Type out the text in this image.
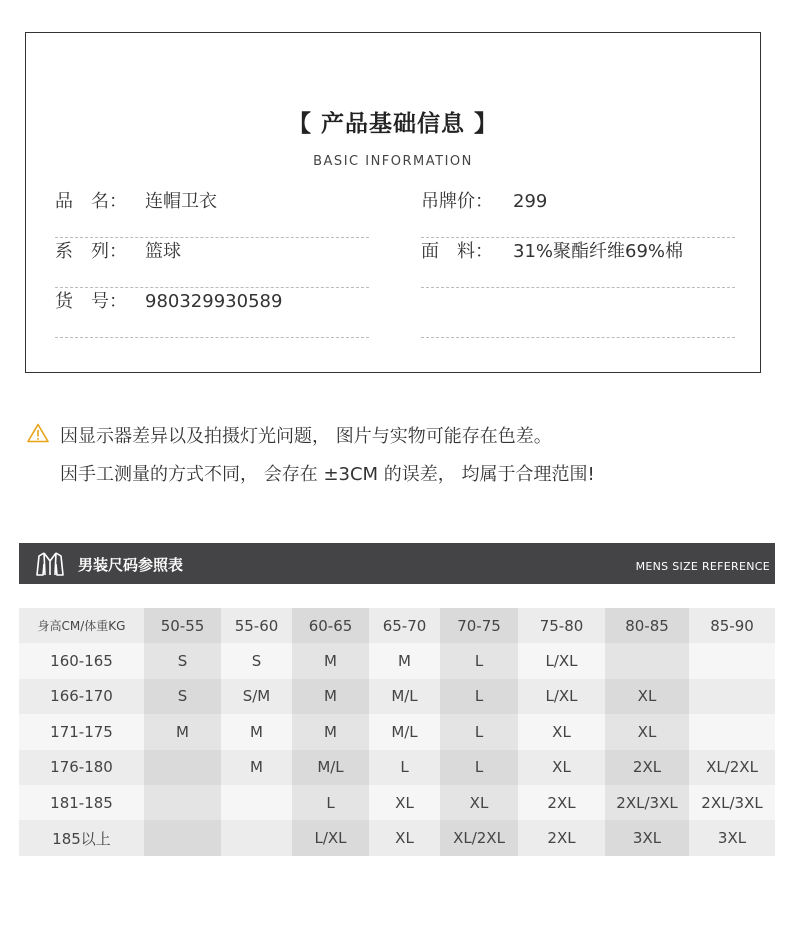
【 产品基础信息 】
BASIC INFORMATION
品　名： 连帽卫衣	吊牌价： 299
系　列： 篮球	面　料： 31%聚酯纤维69%棉
货　号： 980329930589
因显示器差异以及拍摄灯光问题， 图片与实物可能存在色差。
因手工测量的方式不同， 会存在 ±3CM 的误差， 均属于合理范围!
男装尺码参照表	MENS SIZE REFERENCE
身高CM/体重KG	50-55	55-60	60-65	65-70	70-75	75-80	80-85	85-90
160-165	S	S	M	M	L	L/XL		
166-170	S	S/M	M	M/L	L	L/XL	XL	
171-175	M	M	M	M/L	L	XL	XL	
176-180		M	M/L	L	L	XL	2XL	XL/2XL
181-185			L	XL	XL	2XL	2XL/3XL	2XL/3XL
185以上			L/XL	XL	XL/2XL	2XL	3XL	3XL
